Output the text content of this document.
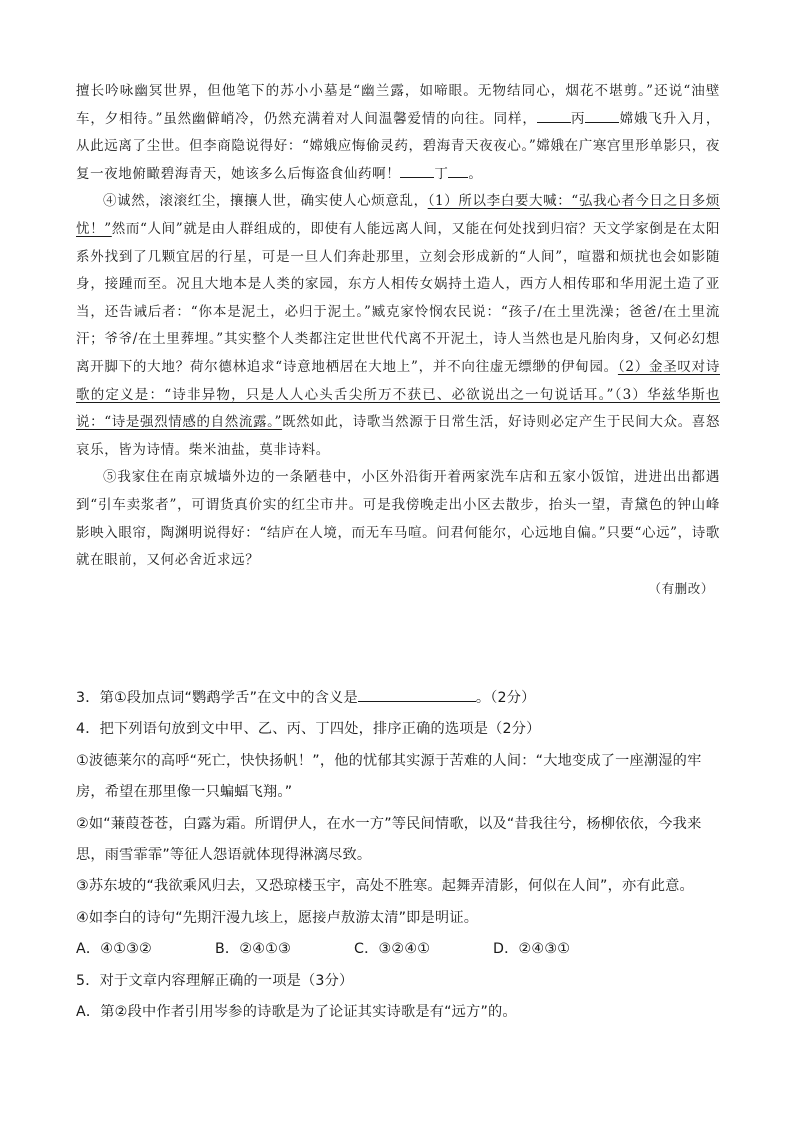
擅长吟咏幽冥世界，但他笔下的苏小小墓是“幽兰露，如啼眼。无物结同心，烟花不堪剪。”还说“油壁车，夕相待。”虽然幽僻峭冷，仍然充满着对人间温馨爱情的向往。同样，	丙	嫦娥飞升入月，从此远离了尘世。但李商隐说得好：“嫦娥应悔偷灵药，碧海青天夜夜心。”嫦娥在广寒宫里形单影只，夜复一夜地俯瞰碧海青天，她该多么后悔盗食仙药啊！	丁 。

④诚然，滚滚红尘，攘攘人世，确实使人心烦意乱，（1）所以李白要大喊：“弘我心者今日之日多烦忧！”然而“人间”就是由人群组成的，即使有人能远离人间，又能在何处找到归宿？天文学家倒是在太阳系外找到了几颗宜居的行星，可是一旦人们奔赴那里，立刻会形成新的“人间”，喧嚣和烦扰也会如影随身，接踵而至。况且大地本是人类的家园，东方人相传女娲持土造人，西方人相传耶和华用泥土造了亚当，还告诫后者：“你本是泥土，必归于泥土。”臧克家怜悯农民说：“孩子/在土里洗澡；爸爸/在土里流汗；爷爷/在土里葬埋。”其实整个人类都注定世世代代离不开泥土，诗人当然也是凡胎肉身，又何必幻想离开脚下的大地？荷尔德林追求“诗意地栖居在大地上”，并不向往虚无缥缈的伊甸园。（2）金圣叹对诗歌的定义是：“诗非异物，只是人人心头舌尖所万不获已、必欲说出之一句说话耳。”（3）华兹华斯也说：“诗是强烈情感的自然流露。”既然如此，诗歌当然源于日常生活，好诗则必定产生于民间大众。喜怒哀乐，皆为诗情。柴米油盐，莫非诗料。

⑤我家住在南京城墙外边的一条陋巷中，小区外沿街开着两家洗车店和五家小饭馆，进进出出都遇到“引车卖浆者”，可谓货真价实的红尘市井。可是我傍晚走出小区去散步，抬头一望，青黛色的钟山峰影映入眼帘，陶渊明说得好：“结庐在人境，而无车马喧。问君何能尔，心远地自偏。”只要“心远”，诗歌就在眼前，又何必舍近求远？

（有删改）

3．第①段加点词“鹦鹉学舌”在文中的含义是	。（2分）

4．把下列语句放到文中甲、乙、丙、丁四处，排序正确的选项是（2分）

①波德莱尔的高呼“死亡，快快扬帆！”，他的忧郁其实源于苦难的人间：“大地变成了一座潮湿的牢房，希望在那里像一只蝙蝠飞翔。”

②如“蒹葭苍苍，白露为霜。所谓伊人，在水一方”等民间情歌，以及“昔我往兮，杨柳依依，今我来思，雨雪霏霏”等征人怨语就体现得淋漓尽致。

③苏东坡的“我欲乘风归去，又恐琼楼玉宇，高处不胜寒。起舞弄清影，何似在人间”，亦有此意。

④如李白的诗句“先期汗漫九垓上，愿接卢敖游太清”即是明证。

A．④①③②	B．②④①③	C．③②④①	D．②④③①

5．对于文章内容理解正确的一项是（3分）

A．第②段中作者引用岑参的诗歌是为了论证其实诗歌是有“远方”的。
